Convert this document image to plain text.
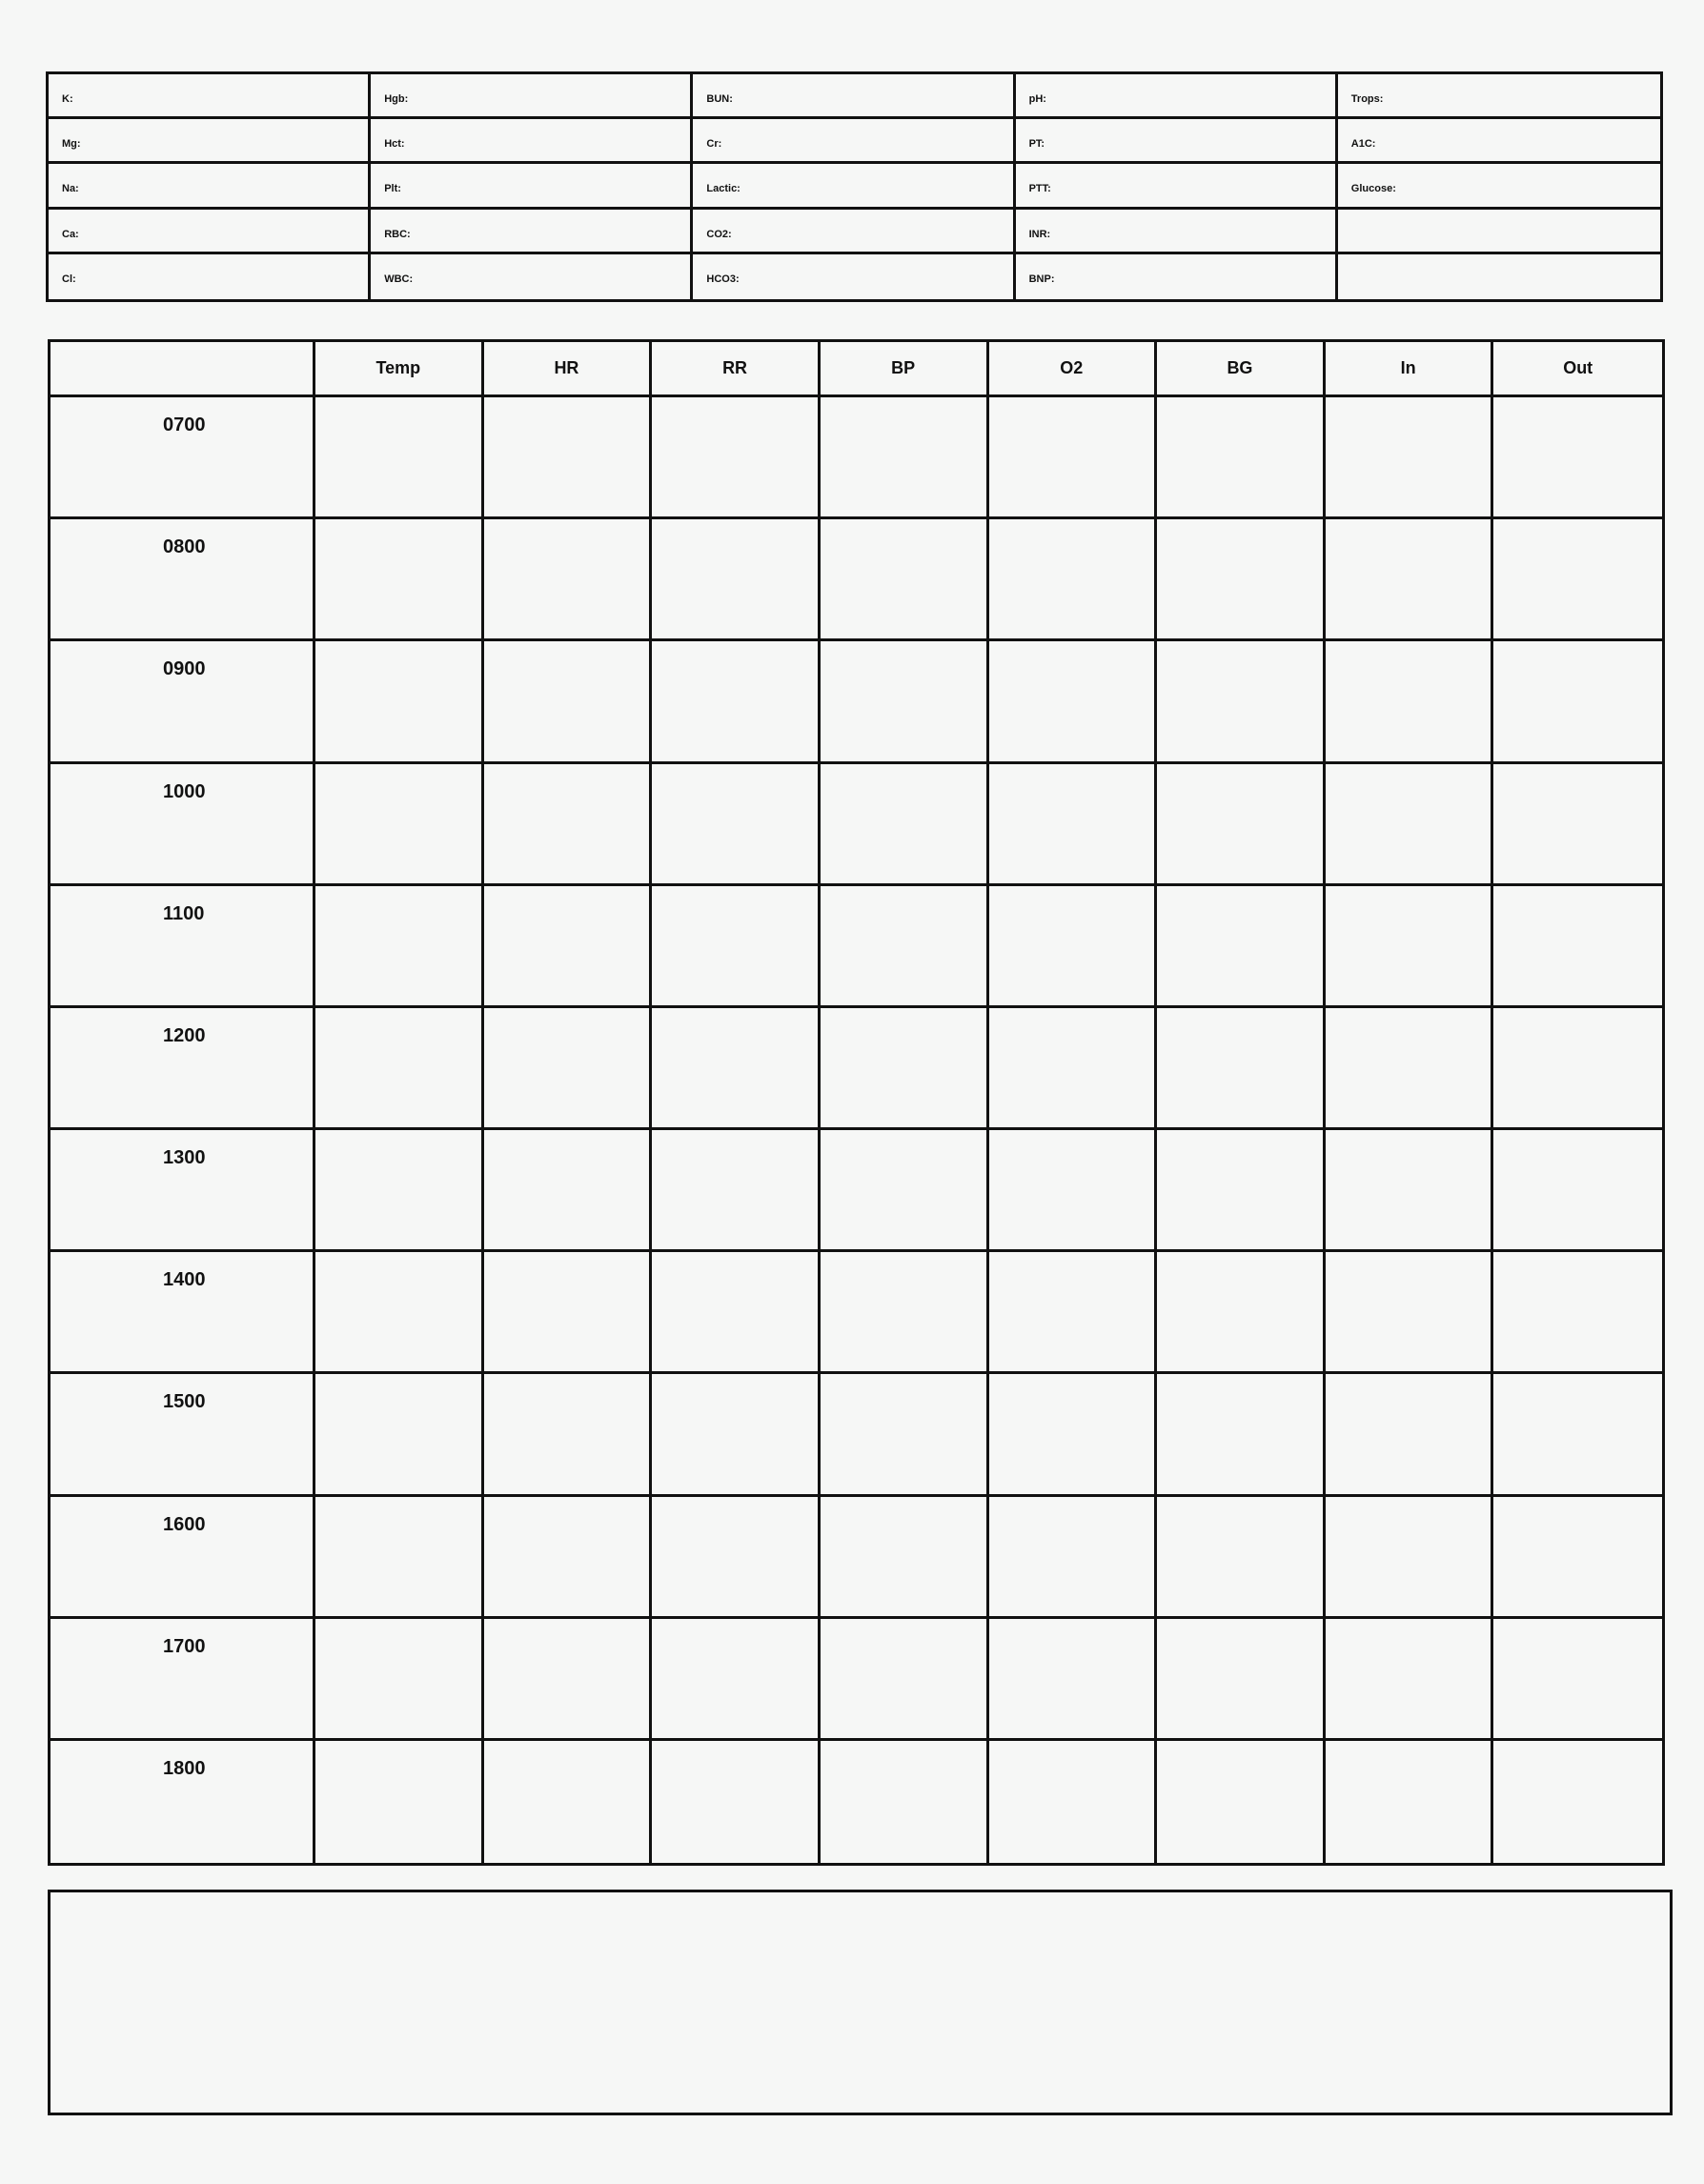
K:	Hgb:	BUN:	pH:	Trops:
Mg:	Hct:	Cr:	PT:	A1C:
Na:	Plt:	Lactic:	PTT:	Glucose:
Ca:	RBC:	CO2:	INR:
Cl:	WBC:	HCO3:	BNP:
Temp	HR	RR	BP	O2	BG	In	Out
0700
0800
0900
1000
1100
1200
1300
1400
1500
1600
1700
1800
